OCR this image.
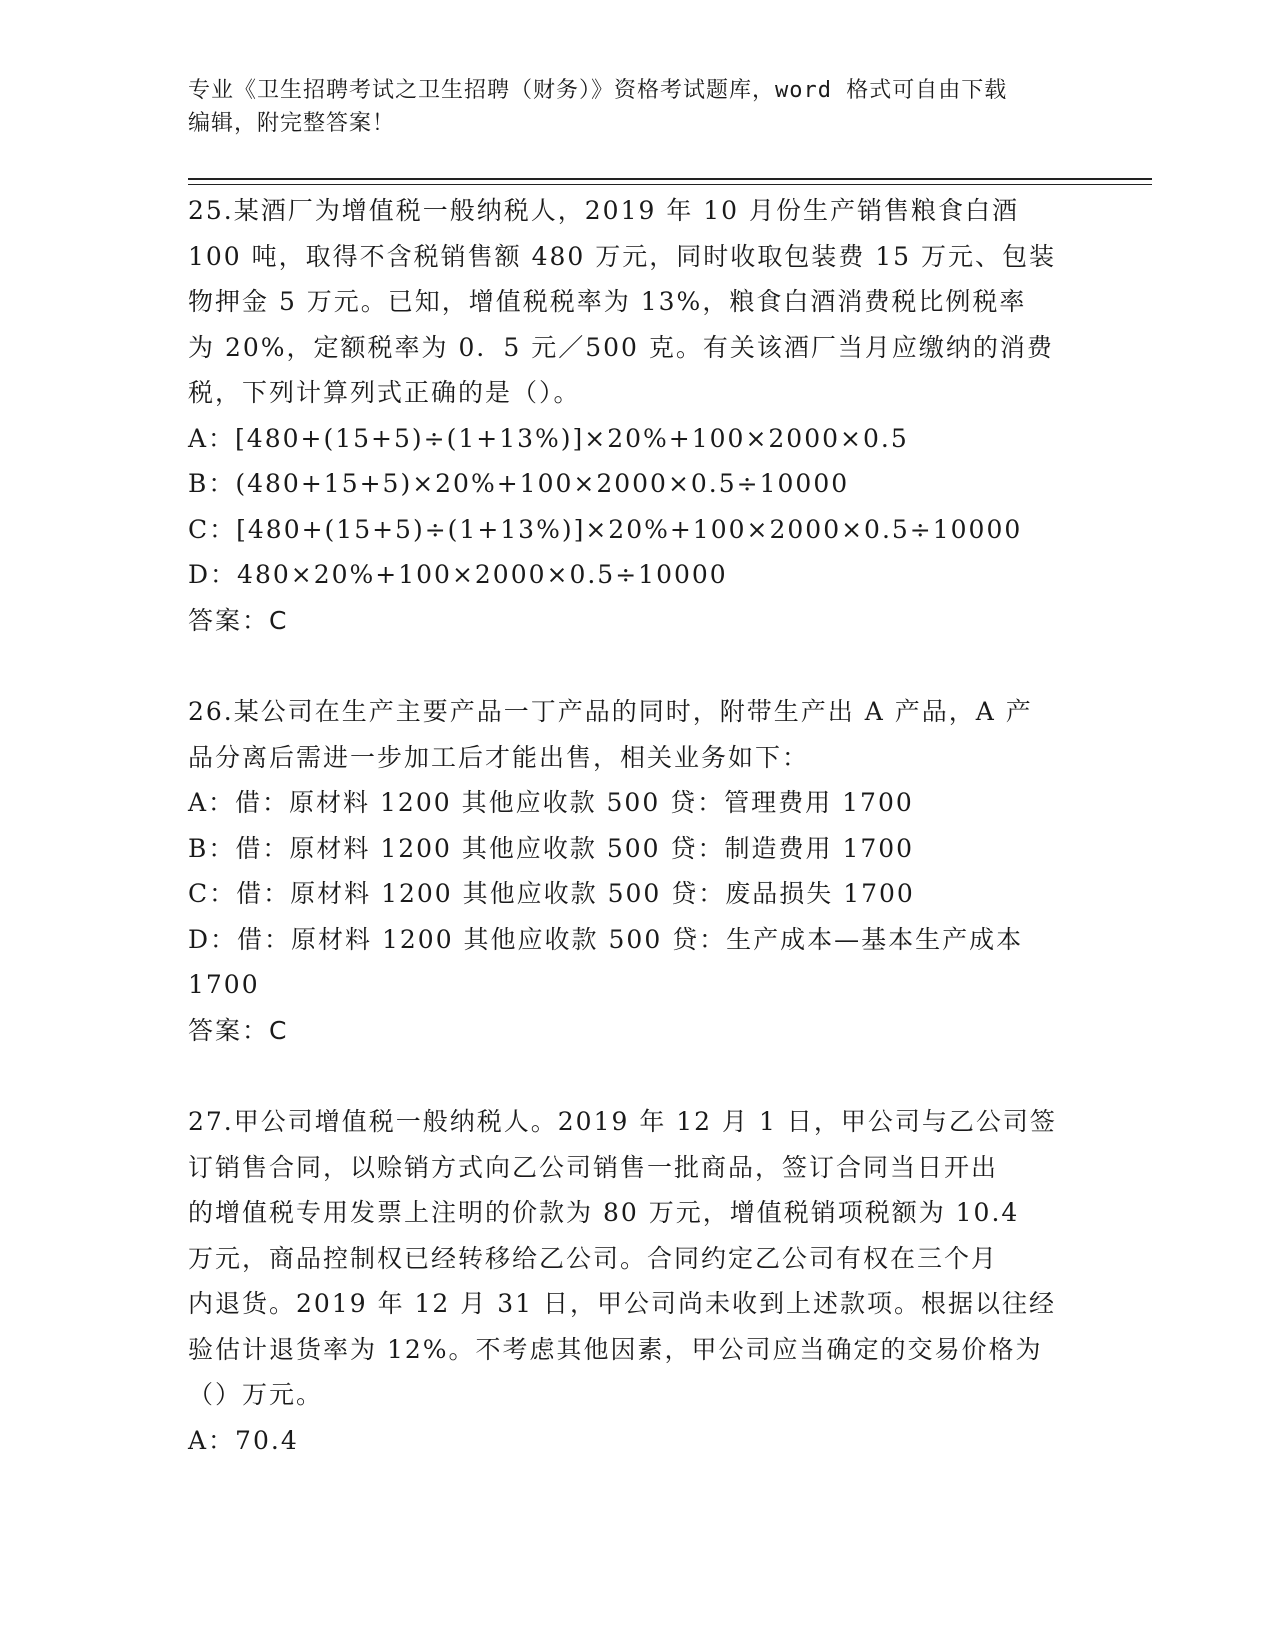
专业《卫生招聘考试之卫生招聘（财务）》资格考试题库，word 格式可自由下载
编辑，附完整答案！

25.某酒厂为增值税一般纳税人，2019 年 10 月份生产销售粮食白酒

100 吨，取得不含税销售额 480 万元，同时收取包装费 15 万元、包装

物押金 5 万元。已知，增值税税率为 13%，粮食白酒消费税比例税率

为 20%，定额税率为 0．5 元／500 克。有关该酒厂当月应缴纳的消费

税，下列计算列式正确的是（）。

A：[480+(15+5)÷(1+13%)]×20%+100×2000×0.5

B：(480+15+5)×20%+100×2000×0.5÷10000

C：[480+(15+5)÷(1+13%)]×20%+100×2000×0.5÷10000

D：480×20%+100×2000×0.5÷10000

答案：C

26.某公司在生产主要产品一丁产品的同时，附带生产出 A 产品，A 产

品分离后需进一步加工后才能出售，相关业务如下：

A：借：原材料 1200 其他应收款 500 贷：管理费用 1700

B：借：原材料 1200 其他应收款 500 贷：制造费用 1700

C：借：原材料 1200 其他应收款 500 贷：废品损失 1700

D：借：原材料 1200 其他应收款 500 贷：生产成本—基本生产成本

1700

答案：C

27.甲公司增值税一般纳税人。2019 年 12 月 1 日，甲公司与乙公司签

订销售合同，以赊销方式向乙公司销售一批商品，签订合同当日开出

的增值税专用发票上注明的价款为 80 万元，增值税销项税额为 10.4

万元，商品控制权已经转移给乙公司。合同约定乙公司有权在三个月

内退货。2019 年 12 月 31 日，甲公司尚未收到上述款项。根据以往经

验估计退货率为 12%。不考虑其他因素，甲公司应当确定的交易价格为

（）万元。

A：70.4
